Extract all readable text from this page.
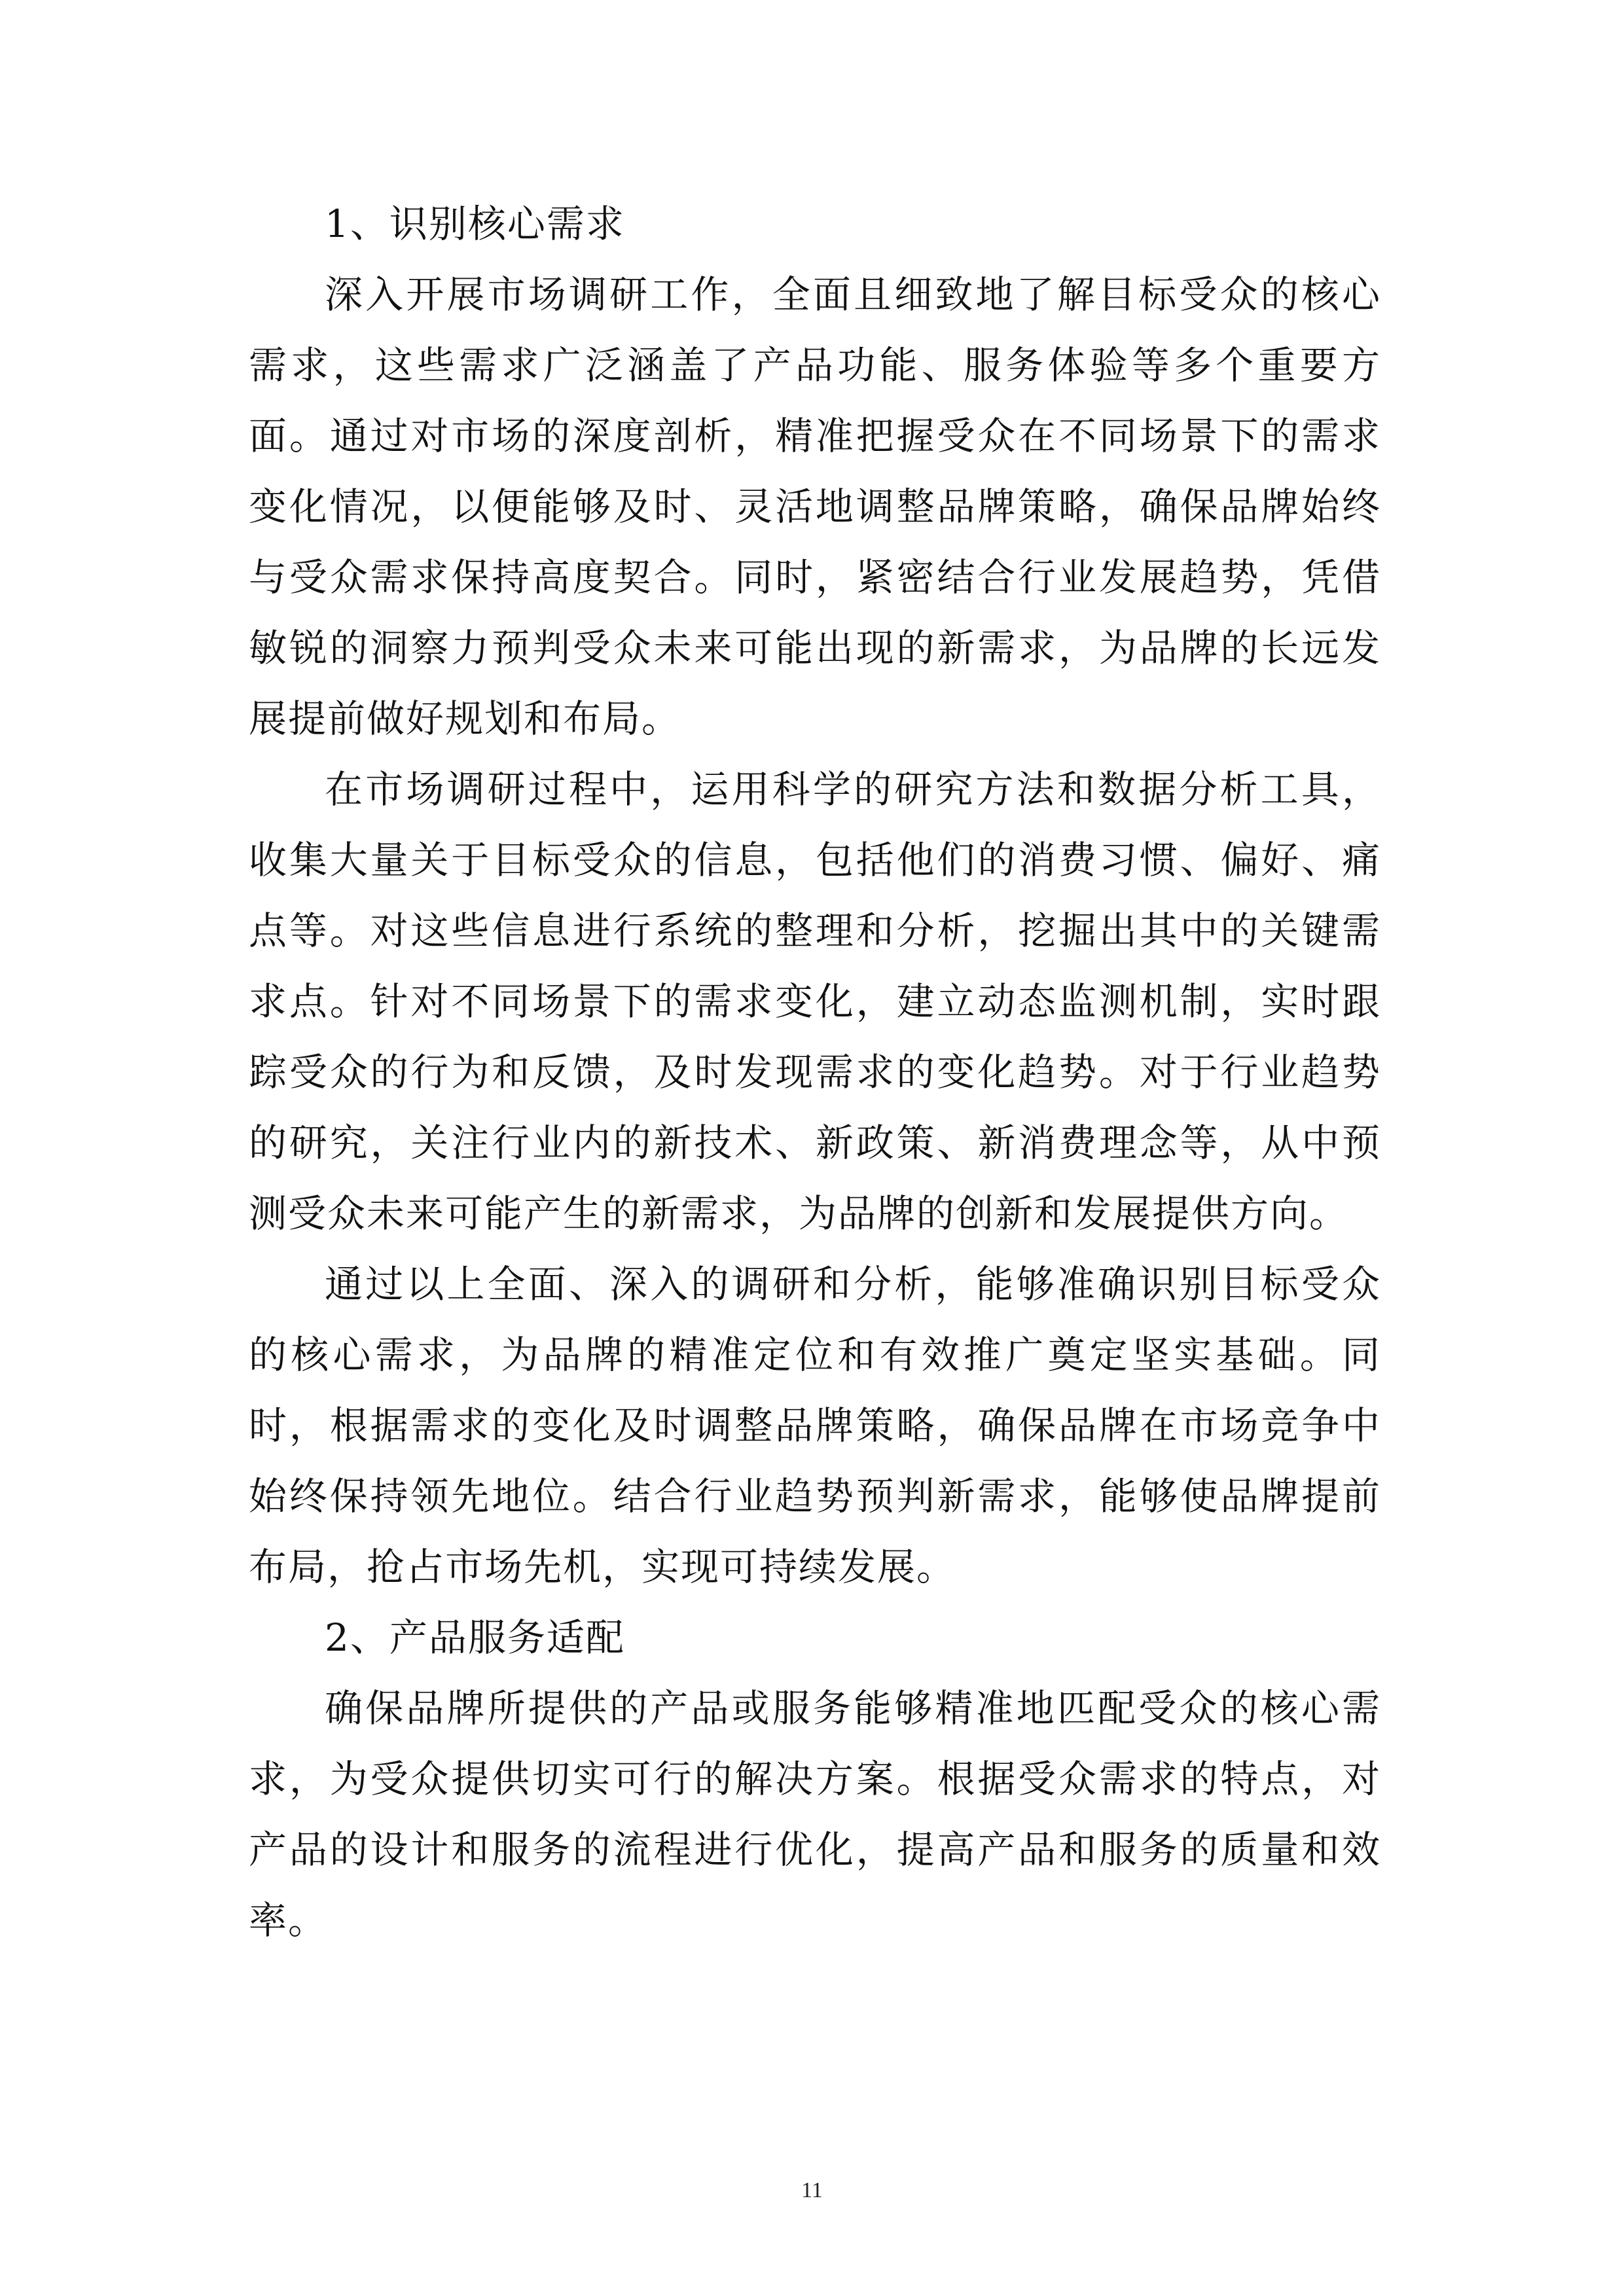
1、识别核心需求

深入开展市场调研工作，全面且细致地了解目标受众的核心需求，这些需求广泛涵盖了产品功能、服务体验等多个重要方面。通过对市场的深度剖析，精准把握受众在不同场景下的需求变化情况，以便能够及时、灵活地调整品牌策略，确保品牌始终与受众需求保持高度契合。同时，紧密结合行业发展趋势，凭借敏锐的洞察力预判受众未来可能出现的新需求，为品牌的长远发展提前做好规划和布局。

在市场调研过程中，运用科学的研究方法和数据分析工具，收集大量关于目标受众的信息，包括他们的消费习惯、偏好、痛点等。对这些信息进行系统的整理和分析，挖掘出其中的关键需求点。针对不同场景下的需求变化，建立动态监测机制，实时跟踪受众的行为和反馈，及时发现需求的变化趋势。对于行业趋势的研究，关注行业内的新技术、新政策、新消费理念等，从中预测受众未来可能产生的新需求，为品牌的创新和发展提供方向。

通过以上全面、深入的调研和分析，能够准确识别目标受众的核心需求，为品牌的精准定位和有效推广奠定坚实基础。同时，根据需求的变化及时调整品牌策略，确保品牌在市场竞争中始终保持领先地位。结合行业趋势预判新需求，能够使品牌提前布局，抢占市场先机，实现可持续发展。

2、产品服务适配

确保品牌所提供的产品或服务能够精准地匹配受众的核心需求，为受众提供切实可行的解决方案。根据受众需求的特点，对产品的设计和服务的流程进行优化，提高产品和服务的质量和效率。

11
